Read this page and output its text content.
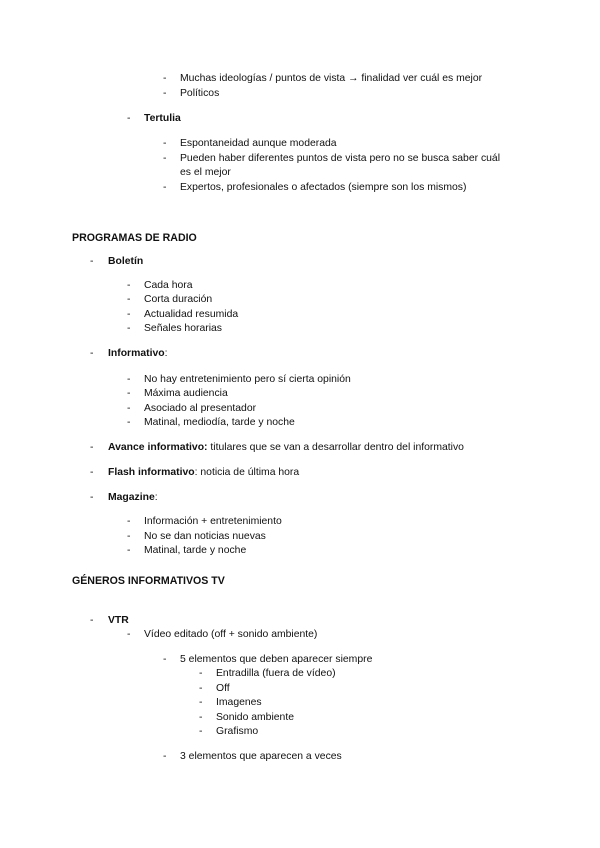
- Muchas ideologías / puntos de vista → finalidad ver cuál es mejor
- Políticos
- Tertulia
- Espontaneidad aunque moderada
- Pueden haber diferentes puntos de vista pero no se busca saber cuál
es el mejor
- Expertos, profesionales o afectados (siempre son los mismos)
PROGRAMAS DE RADIO
- Boletín
- Cada hora
- Corta duración
- Actualidad resumida
- Señales horarias
- Informativo:
- No hay entretenimiento pero sí cierta opinión
- Máxima audiencia
- Asociado al presentador
- Matinal, mediodía, tarde y noche
- Avance informativo: titulares que se van a desarrollar dentro del informativo
- Flash informativo: noticia de última hora
- Magazine:
- Información + entretenimiento
- No se dan noticias nuevas
- Matinal, tarde y noche
GÉNEROS INFORMATIVOS TV
- VTR
- Vídeo editado (off + sonido ambiente)
- 5 elementos que deben aparecer siempre
- Entradilla (fuera de vídeo)
- Off
- Imagenes
- Sonido ambiente
- Grafismo
- 3 elementos que aparecen a veces
